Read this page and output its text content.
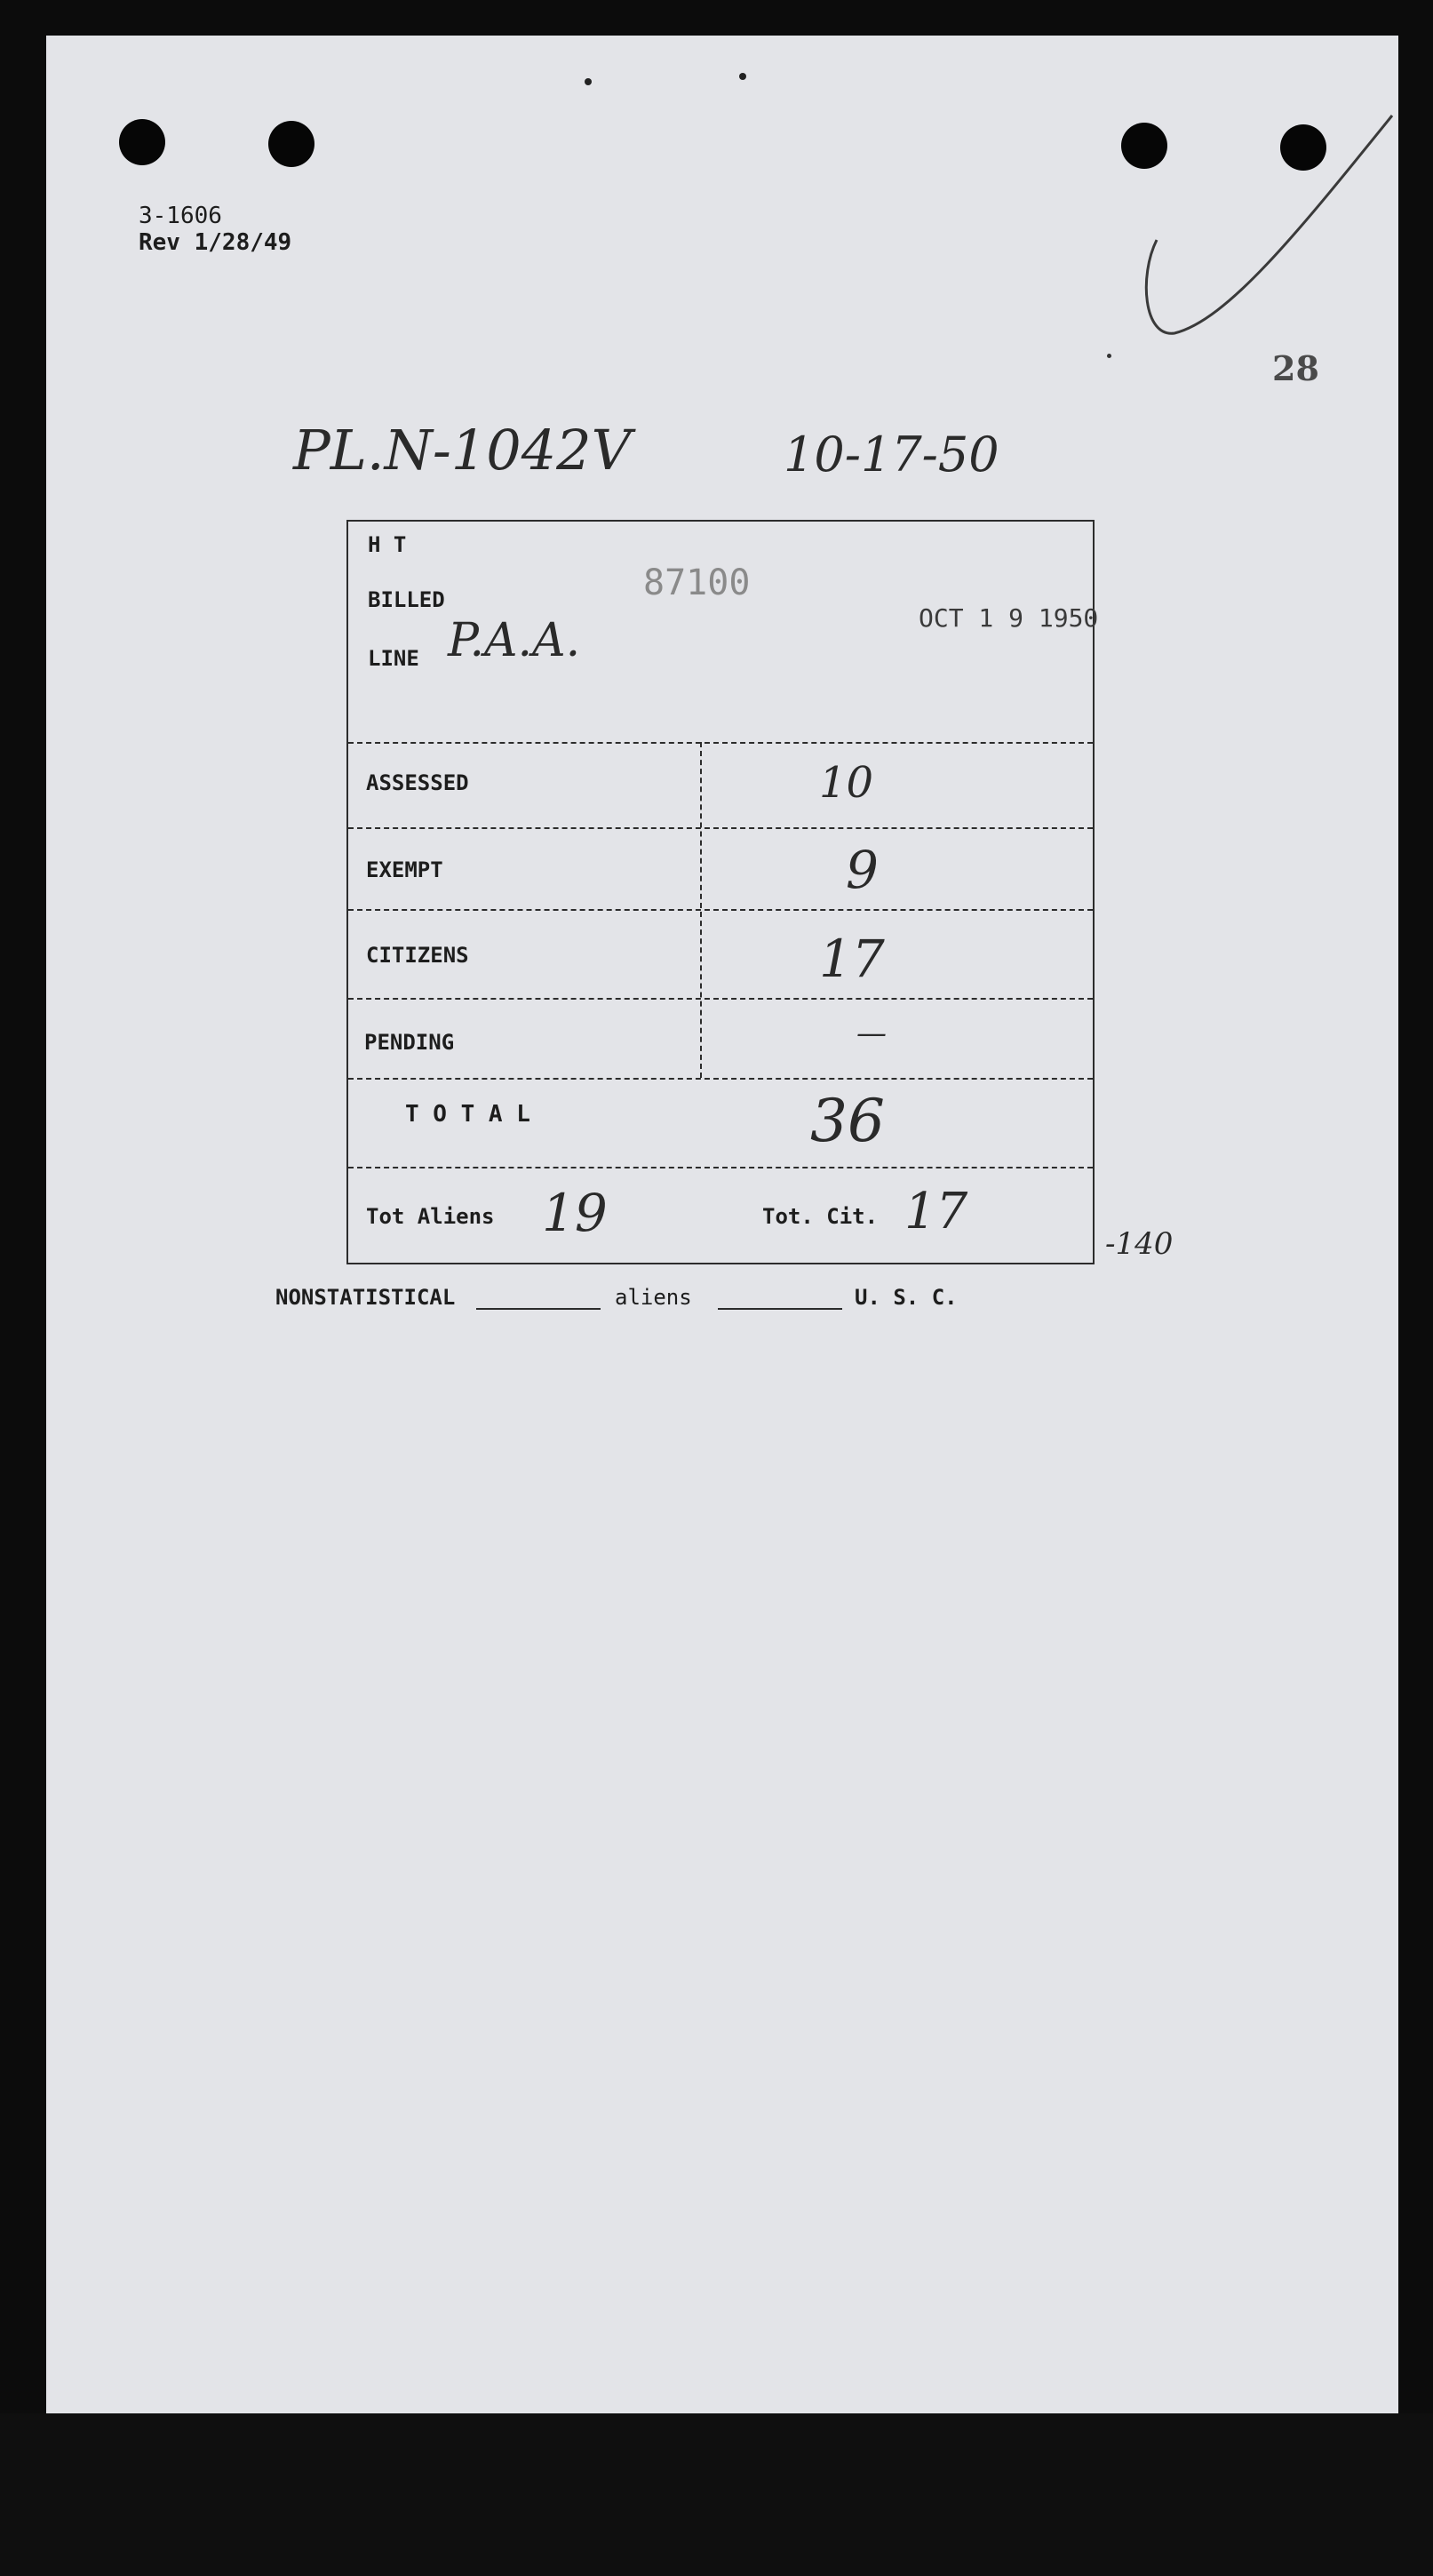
3-1606
Rev 1/28/49
28
PL.N-1042V	10-17-50
H T
BILLED
LINE P.A.A.
87100
OCT 1 9 1950
ASSESSED	10
EXEMPT	9
CITIZENS	17
PENDING	—
T O T A L	36
Tot Aliens 19	Tot. Cit. 17
-140
NONSTATISTICAL	aliens	U. S. C.
